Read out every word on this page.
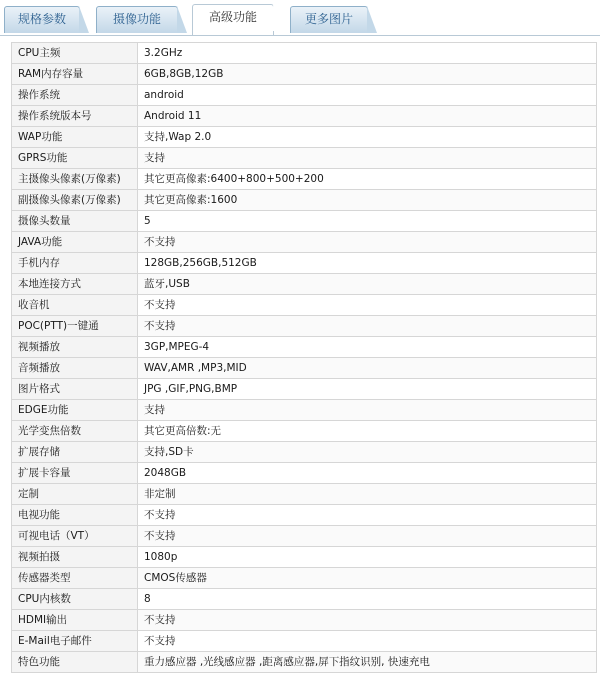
规格参数	摄像功能	高级功能	更多图片
CPU主频	3.2GHz
RAM内存容量	6GB,8GB,12GB
操作系统	android
操作系统版本号	Android 11
WAP功能	支持,Wap 2.0
GPRS功能	支持
主摄像头像素(万像素)	其它更高像素:6400+800+500+200
副摄像头像素(万像素)	其它更高像素:1600
摄像头数量	5
JAVA功能	不支持
手机内存	128GB,256GB,512GB
本地连接方式	蓝牙,USB
收音机	不支持
POC(PTT)一键通	不支持
视频播放	3GP,MPEG-4
音频播放	WAV,AMR ,MP3,MID
图片格式	JPG ,GIF,PNG,BMP
EDGE功能	支持
光学变焦倍数	其它更高倍数:无
扩展存储	支持,SD卡
扩展卡容量	2048GB
定制	非定制
电视功能	不支持
可视电话（VT）	不支持
视频拍摄	1080p
传感器类型	CMOS传感器
CPU内核数	8
HDMI输出	不支持
E-Mail电子邮件	不支持
特色功能	重力感应器 ,光线感应器 ,距离感应器,屏下指纹识别, 快速充电
